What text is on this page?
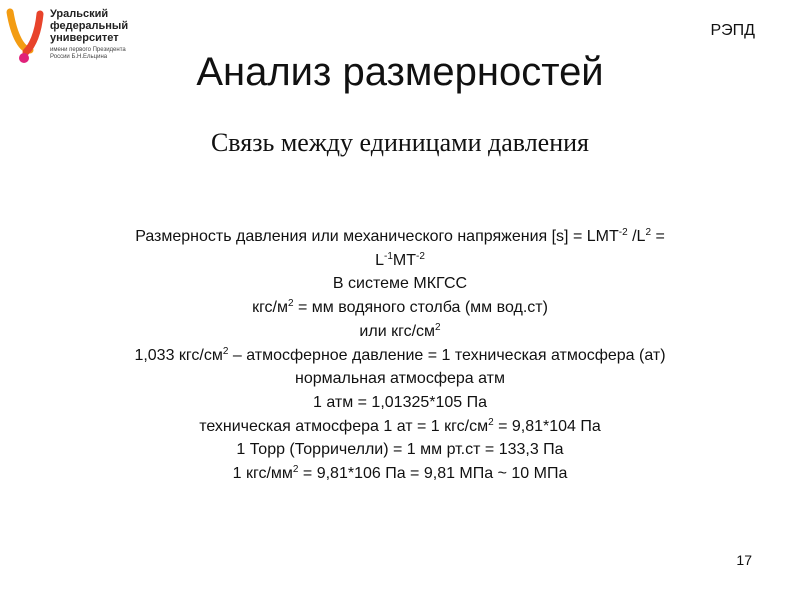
Уральский
федеральный
университет
имени первого Президента
России Б.Н.Ельцина
РЭПД
Анализ размерностей
Связь между единицами давления
Размерность давления или механического напряжения $[s] = LMT^{-2}$ $/L^2$ =
$L^{-1}MT^{-2}$
В системе МКГСС
кгс/$м^2$ = мм водяного столба (мм вод.ст)
или кгс/$см^2$
1,033 кгс/$см^2$ – атмосферное давление = 1 техническая атмосфера (ат)
нормальная атмосфера атм
1 атм = 1,01325*105 Па
техническая атмосфера 1 ат = 1 кгс/$см^2 = 9,81*104$ Па
1 Торр (Торричелли) = 1 мм рт.ст = 133,3 Па
1 кгс/$мм^2 = 9,81*106$ Па = 9,81 МПа ~ 10 МПа
17
